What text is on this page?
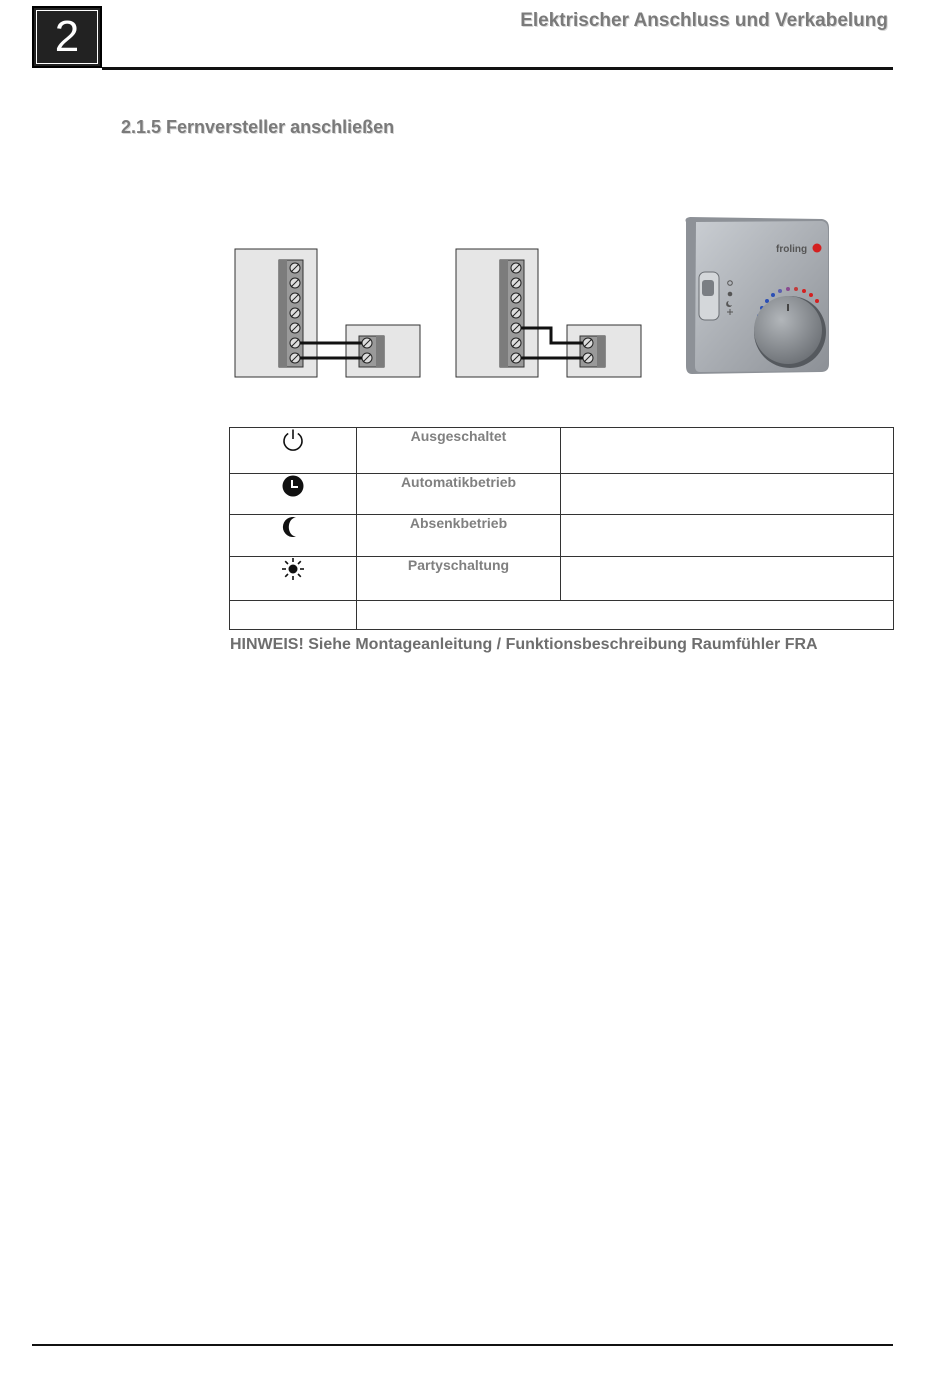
2	Elektrischer Anschluss und Verkabelung
2.1.5 Fernversteller anschließen
froling
	Ausgeschaltet	
	Automatikbetrieb	
	Absenkbetrieb	
	Partyschaltung	

HINWEIS! Siehe Montageanleitung / Funktionsbeschreibung Raumfühler FRA
